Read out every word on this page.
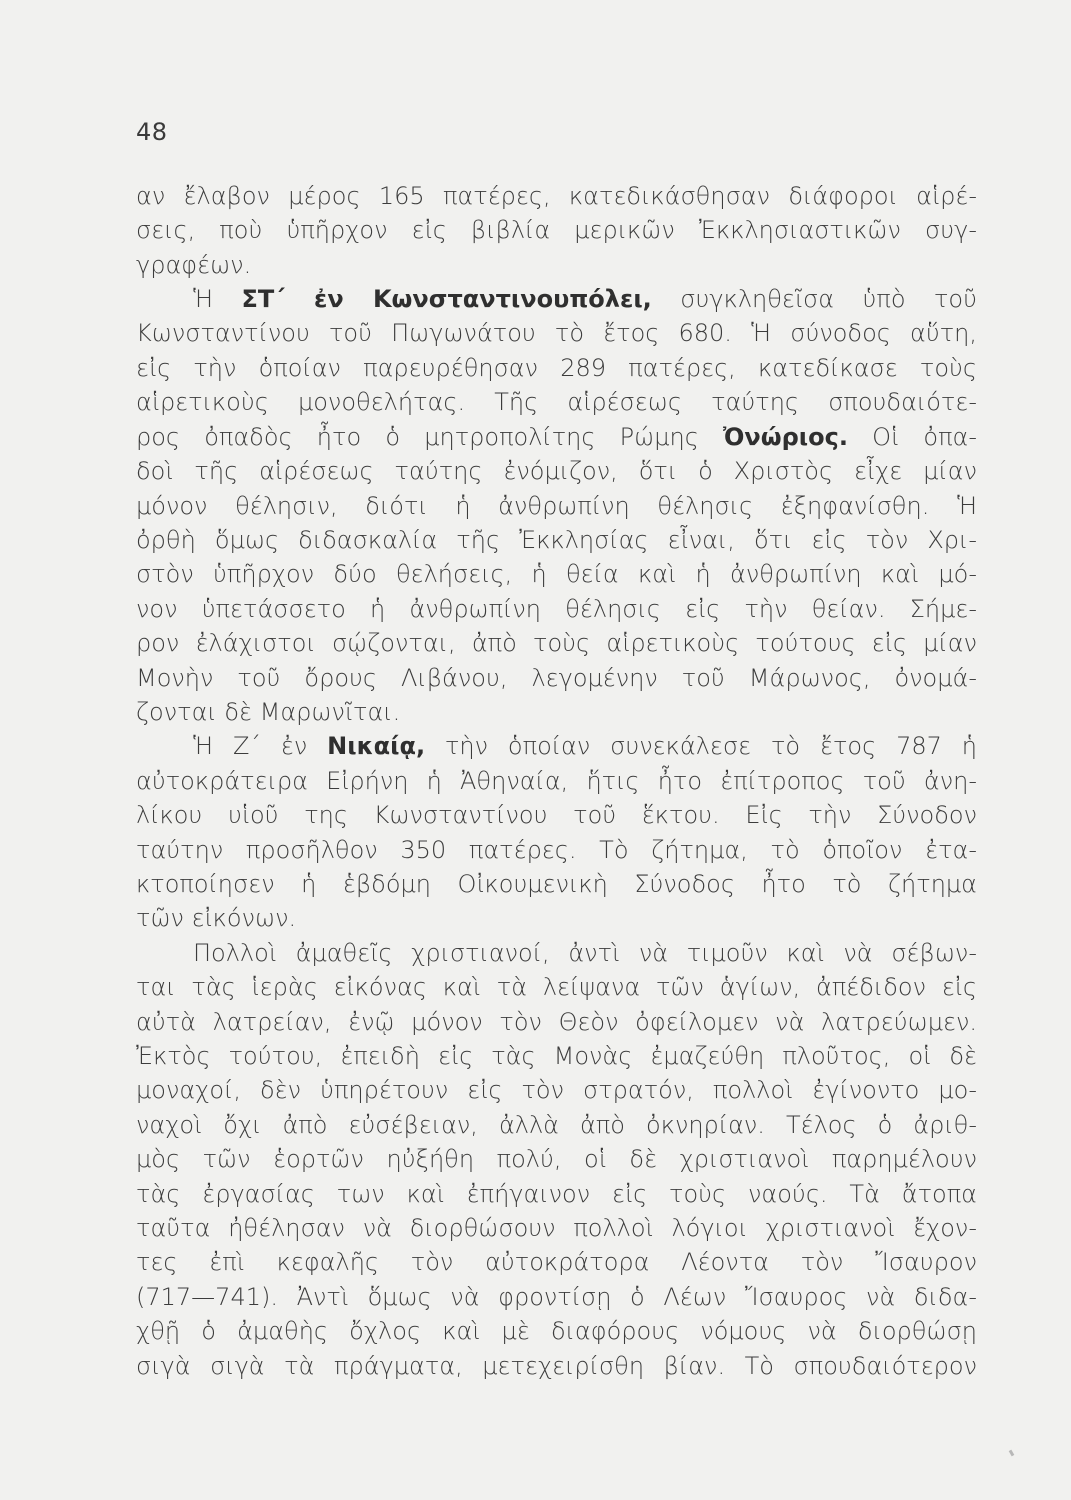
48
αν ἔλαβον μέρος 165 πατέρες, κατεδικάσθησαν διάφοροι αἱρέ-
σεις, ποὺ ὑπῆρχον εἰς βιβλία μερικῶν Ἐκκλησιαστικῶν συγ-
γραφέων.
Ἡ ΣΤ΄ ἐν Κωνσταντινουπόλει, συγκληθεῖσα ὑπὸ τοῦ
Κωνσταντίνου τοῦ Πωγωνάτου τὸ ἔτος 680. Ἡ σύνοδος αὕτη,
εἰς τὴν ὁποίαν παρευρέθησαν 289 πατέρες, κατεδίκασε τοὺς
αἱρετικοὺς μονοθελήτας. Τῆς αἱρέσεως ταύτης σπουδαιότε-
ρος ὀπαδὸς ἦτο ὁ μητροπολίτης Ρώμης Ὀνώριος. Οἱ ὀπα-
δοὶ τῆς αἱρέσεως ταύτης ἐνόμιζον, ὅτι ὁ Χριστὸς εἶχε μίαν
μόνον θέλησιν, διότι ἡ ἀνθρωπίνη θέλησις ἐξηφανίσθη. Ἡ
ὀρθὴ ὅμως διδασκαλία τῆς Ἐκκλησίας εἶναι, ὅτι εἰς τὸν Χρι-
στὸν ὑπῆρχον δύο θελήσεις, ἡ θεία καὶ ἡ ἀνθρωπίνη καὶ μό-
νον ὑπετάσσετο ἡ ἀνθρωπίνη θέλησις εἰς τὴν θείαν. Σήμε-
ρον ἐλάχιστοι σῴζονται, ἀπὸ τοὺς αἱρετικοὺς τούτους εἰς μίαν
Μονὴν τοῦ ὄρους Λιβάνου, λεγομένην τοῦ Μάρωνος, ὀνομά-
ζονται δὲ Μαρωνῖται.
Ἡ Ζ΄ ἐν Νικαίᾳ, τὴν ὁποίαν συνεκάλεσε τὸ ἔτος 787 ἡ
αὐτοκράτειρα Εἰρήνη ἡ Ἀθηναία, ἥτις ἦτο ἐπίτροπος τοῦ ἀνη-
λίκου υἱοῦ της Κωνσταντίνου τοῦ ἕκτου. Εἰς τὴν Σύνοδον
ταύτην προσῆλθον 350 πατέρες. Τὸ ζήτημα, τὸ ὁποῖον ἐτα-
κτοποίησεν ἡ ἑβδόμη Οἰκουμενικὴ Σύνοδος ἦτο τὸ ζήτημα
τῶν εἰκόνων.
Πολλοὶ ἀμαθεῖς χριστιανοί, ἀντὶ νὰ τιμοῦν καὶ νὰ σέβων-
ται τὰς ἱερὰς εἰκόνας καὶ τὰ λείψανα τῶν ἁγίων, ἀπέδιδον εἰς
αὐτὰ λατρείαν, ἐνῷ μόνον τὸν Θεὸν ὀφείλομεν νὰ λατρεύωμεν.
Ἐκτὸς τούτου, ἐπειδὴ εἰς τὰς Μονὰς ἐμαζεύθη πλοῦτος, οἱ δὲ
μοναχοί, δὲν ὑπηρέτουν εἰς τὸν στρατόν, πολλοὶ ἐγίνοντο μο-
ναχοὶ ὄχι ἀπὸ εὐσέβειαν, ἀλλὰ ἀπὸ ὀκνηρίαν. Τέλος ὁ ἀριθ-
μὸς τῶν ἑορτῶν ηὐξήθη πολύ, οἱ δὲ χριστιανοὶ παρημέλουν
τὰς ἐργασίας των καὶ ἐπήγαινον εἰς τοὺς ναούς. Τὰ ἄτοπα
ταῦτα ἠθέλησαν νὰ διορθώσουν πολλοὶ λόγιοι χριστιανοὶ ἔχον-
τες ἐπὶ κεφαλῆς τὸν αὐτοκράτορα Λέοντα τὸν Ἴσαυρον
(717—741). Ἀντὶ ὅμως νὰ φροντίσῃ ὁ Λέων Ἴσαυρος νὰ διδα-
χθῇ ὁ ἀμαθὴς ὄχλος καὶ μὲ διαφόρους νόμους νὰ διορθώσῃ
σιγὰ σιγὰ τὰ πράγματα, μετεχειρίσθη βίαν. Τὸ σπουδαιότερον
